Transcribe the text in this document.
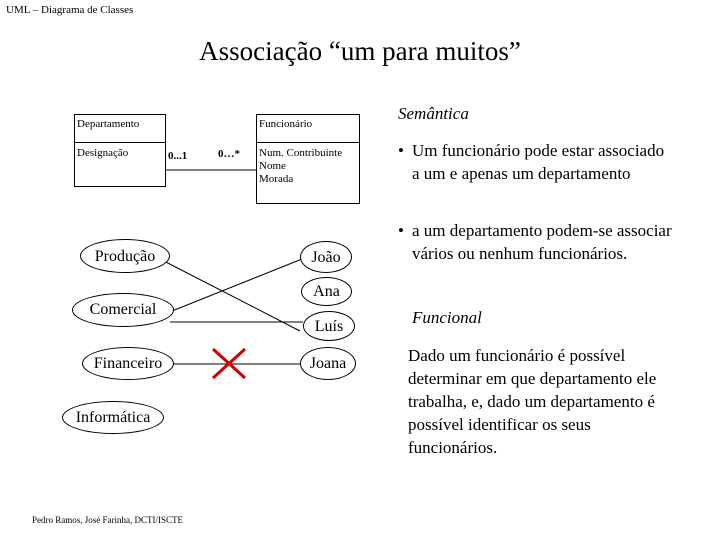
UML – Diagrama de Classes
Associação “um para muitos”
Departamento
Designação
Funcionário
Num. Contribuinte
Nome
Morada
0...1	0…*
Produção
Comercial
Financeiro
Informática
João
Ana
Luís
Joana
Semântica
• Um funcionário pode estar associado a um e apenas um departamento
• a um departamento podem-se associar vários ou nenhum funcionários.
Funcional
Dado um funcionário é possível determinar em que departamento ele trabalha, e, dado um departamento é possível identificar os seus funcionários.
Pedro Ramos, José Farinha, DCTI/ISCTE
